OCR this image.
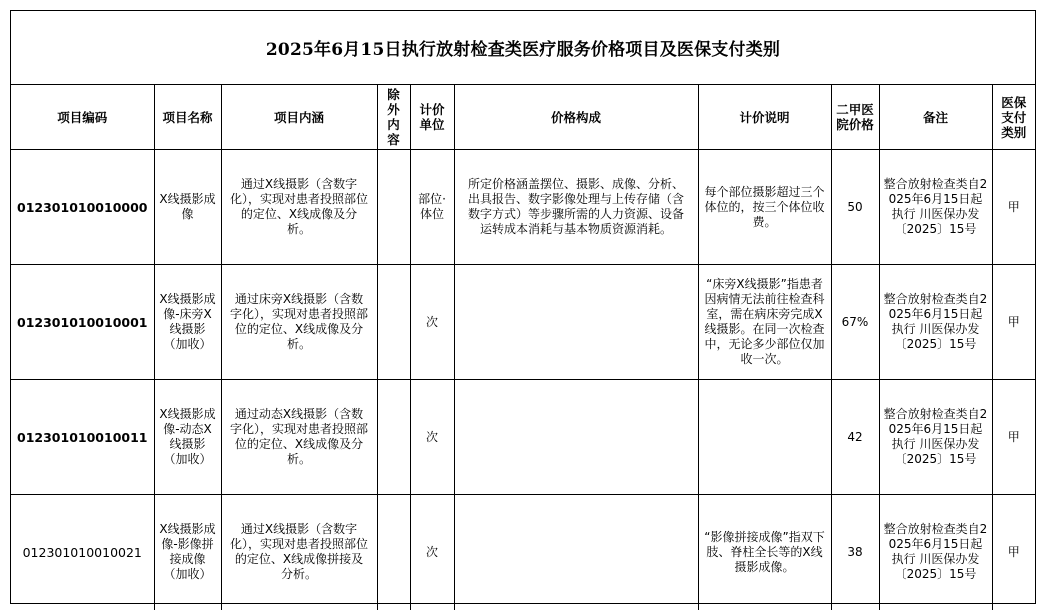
2025年6月15日执行放射检查类医疗服务价格项目及医保支付类别
项目编码	项目名称	项目内涵	除外内容	计价单位	价格构成	计价说明	二甲医院价格	备注	医保支付类别
012301010010000	X线摄影成像	通过X线摄影（含数字化），实现对患者投照部位的定位、X线成像及分析。		部位·体位	所定价格涵盖摆位、摄影、成像、分析、出具报告、数字影像处理与上传存储（含数字方式）等步骤所需的人力资源、设备运转成本消耗与基本物质资源消耗。	每个部位摄影超过三个体位的，按三个体位收费。	50	整合放射检查类自2025年6月15日起执行 川医保办发〔2025〕15号	甲
012301010010001	X线摄影成像-床旁X线摄影（加收）	通过床旁X线摄影（含数字化），实现对患者投照部位的定位、X线成像及分析。		次		“床旁X线摄影”指患者因病情无法前往检查科室，需在病床旁完成X线摄影。在同一次检查中，无论多少部位仅加收一次。	67%	整合放射检查类自2025年6月15日起执行 川医保办发〔2025〕15号	甲
012301010010011	X线摄影成像-动态X线摄影（加收）	通过动态X线摄影（含数字化），实现对患者投照部位的定位、X线成像及分析。		次			42	整合放射检查类自2025年6月15日起执行 川医保办发〔2025〕15号	甲
012301010010021	X线摄影成像-影像拼接成像（加收）	通过X线摄影（含数字化），实现对患者投照部位的定位、X线成像拼接及分析。		次		“影像拼接成像”指双下肢、脊柱全长等的X线摄影成像。	38	整合放射检查类自2025年6月15日起执行 川医保办发〔2025〕15号	甲
